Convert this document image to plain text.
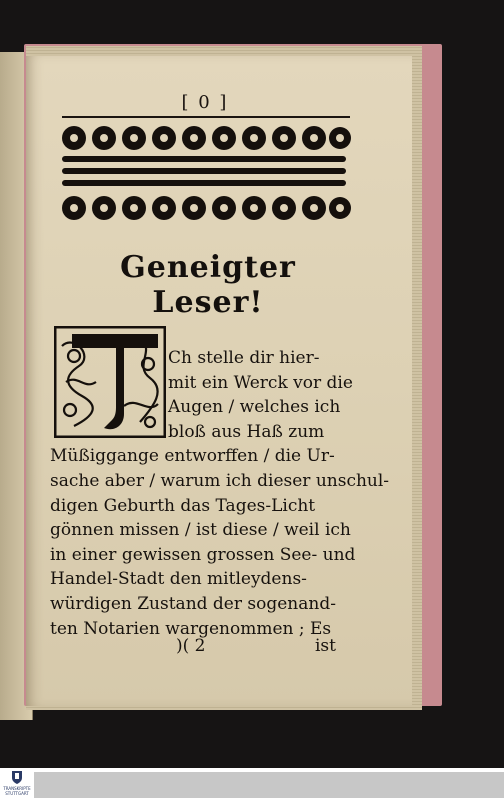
[ 0 ]
Geneigter Leser!
Ch stelle dir hier-
mit ein Werck vor die
Augen / welches ich
bloß aus Haß zum
Müßiggange entworffen / die Ur-
sache aber / warum ich dieser unschul-
digen Geburth das Tages-Licht
gönnen missen / ist diese / weil ich
in einer gewissen grossen See- und
Handel-Stadt den mitleydens-
würdigen Zustand der sogenand-
ten Notarien wargenommen ; Es
)( 2	ist
TRANSKRIPTE STUTTGART
